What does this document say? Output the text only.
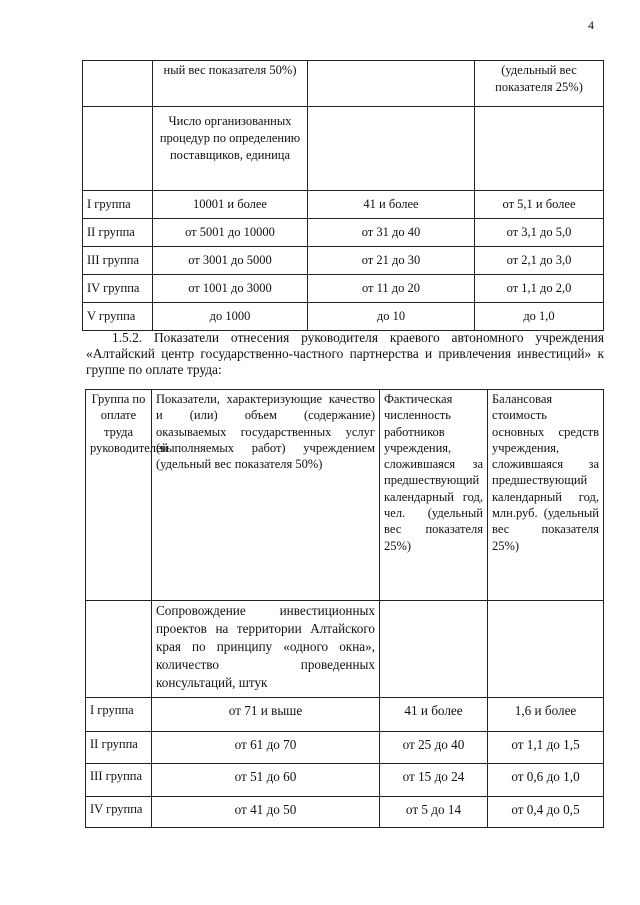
4
	ный вес показателя 50%)		(удельный вес показателя 25%)
	Число организованных процедур по определению поставщиков, единица		
I группа	10001 и более	41 и более	от 5,1 и более
II группа	от 5001 до 10000	от 31 до 40	от 3,1 до 5,0
III группа	от 3001 до 5000	от 21 до 30	от 2,1 до 3,0
IV группа	от 1001 до 3000	от 11 до 20	от 1,1 до 2,0
V группа	до 1000	до 10	до 1,0
1.5.2. Показатели отнесения руководителя краевого автономного учреждения «Алтайский центр государственно-частного партнерства и привлечения инвестиций» к группе по оплате труда:
Группа по оплате труда руководителей	Показатели, характеризующие качество и (или) объем (содержание) оказываемых государственных услуг (выполняемых работ) учреждением (удельный вес показателя 50%)	Фактическая численность работников учреждения, сложившаяся за предшествующий календарный год, чел. (удельный вес показателя 25%)	Балансовая стоимость основных средств учреждения, сложившаяся за предшествующий календарный год, млн.руб. (удельный вес показателя 25%)
	Сопровождение инвестиционных проектов на территории Алтайского края по принципу «одного окна», количество проведенных консультаций, штук		
I группа	от 71 и выше	41 и более	1,6 и более
II группа	от 61 до 70	от 25 до 40	от 1,1 до 1,5
III группа	от 51 до 60	от 15 до 24	от 0,6 до 1,0
IV группа	от 41 до 50	от 5 до 14	от 0,4 до 0,5
